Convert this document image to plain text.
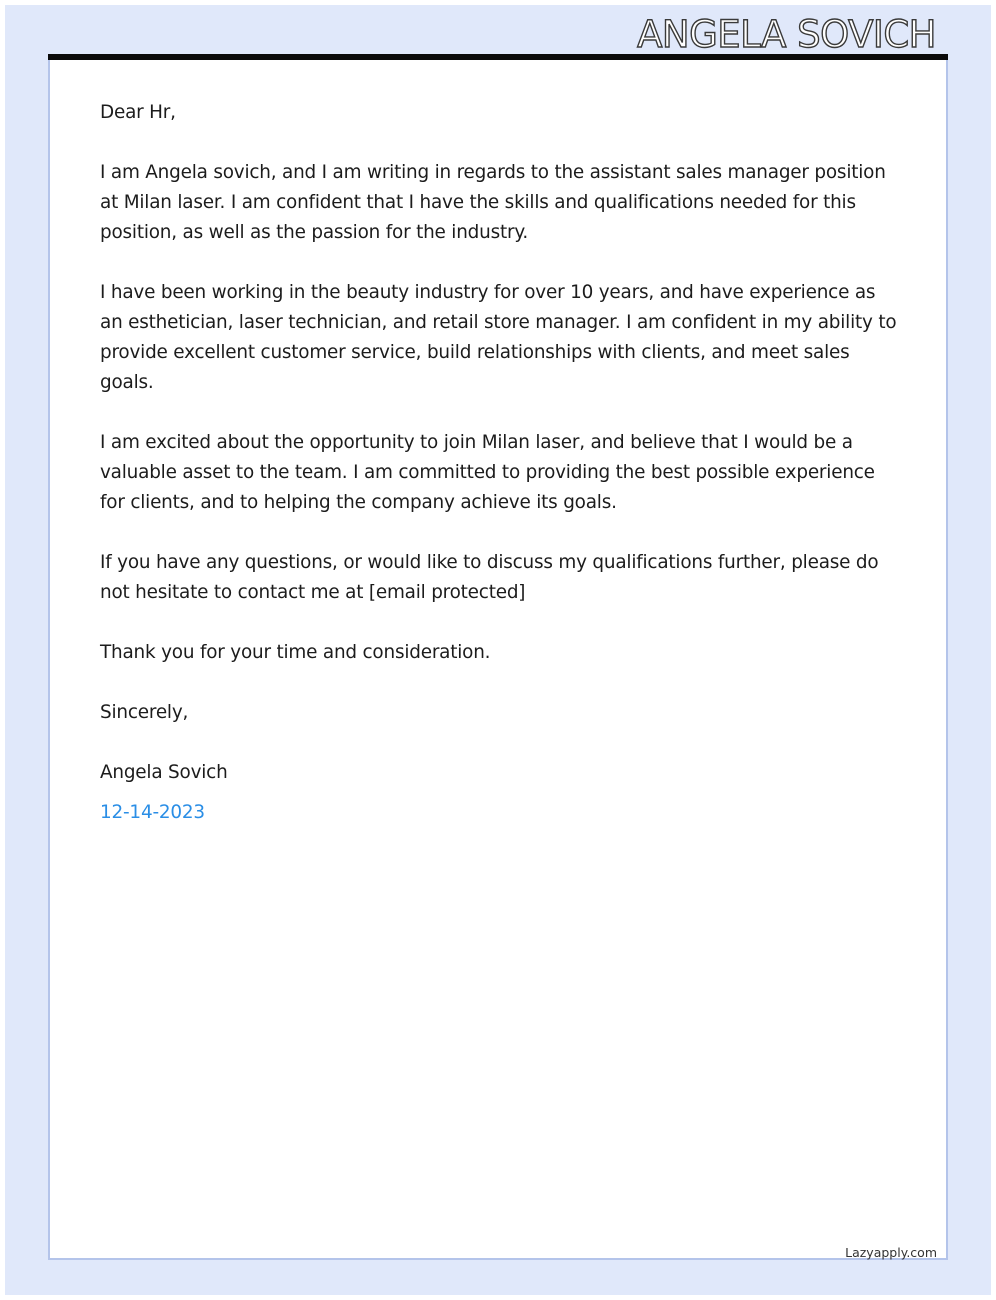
ANGELA SOVICH

Dear Hr,

I am Angela sovich, and I am writing in regards to the assistant sales manager position at Milan laser. I am confident that I have the skills and qualifications needed for this position, as well as the passion for the industry.

I have been working in the beauty industry for over 10 years, and have experience as an esthetician, laser technician, and retail store manager. I am confident in my ability to provide excellent customer service, build relationships with clients, and meet sales goals.

I am excited about the opportunity to join Milan laser, and believe that I would be a valuable asset to the team. I am committed to providing the best possible experience for clients, and to helping the company achieve its goals.

If you have any questions, or would like to discuss my qualifications further, please do not hesitate to contact me at [email protected]

Thank you for your time and consideration.

Sincerely,

Angela Sovich

12-14-2023

Lazyapply.com
